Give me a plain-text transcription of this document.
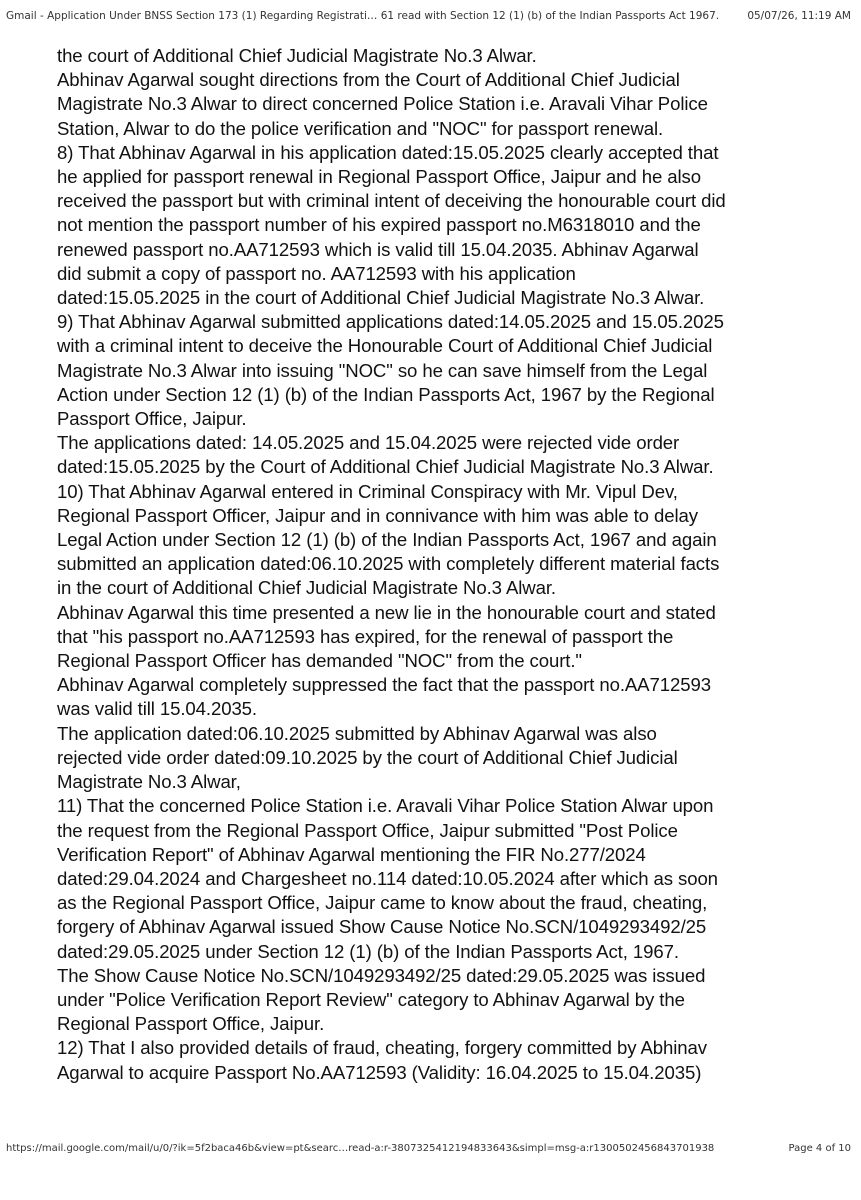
Gmail - Application Under BNSS Section 173 (1) Regarding Registrati… 61 read with Section 12 (1) (b) of the Indian Passports Act 1967.	05/07/26, 11:19 AM

the court of Additional Chief Judicial Magistrate No.3 Alwar.

Abhinav Agarwal sought directions from the Court of Additional Chief Judicial
Magistrate No.3 Alwar to direct concerned Police Station i.e. Aravali Vihar Police
Station, Alwar to do the police verification and "NOC" for passport renewal.

8) That Abhinav Agarwal in his application dated:15.05.2025 clearly accepted that
he applied for passport renewal in Regional Passport Office, Jaipur and he also
received the passport but with criminal intent of deceiving the honourable court did
not mention the passport number of his expired passport no.M6318010 and the
renewed passport no.AA712593 which is valid till 15.04.2035. Abhinav Agarwal
did submit a copy of passport no. AA712593 with his application
dated:15.05.2025 in the court of Additional Chief Judicial Magistrate No.3 Alwar.

9) That Abhinav Agarwal submitted applications dated:14.05.2025 and 15.05.2025
with a criminal intent to deceive the Honourable Court of Additional Chief Judicial
Magistrate No.3 Alwar into issuing "NOC" so he can save himself from the Legal
Action under Section 12 (1) (b) of the Indian Passports Act, 1967 by the Regional
Passport Office, Jaipur.

The applications dated: 14.05.2025 and 15.04.2025 were rejected vide order
dated:15.05.2025 by the Court of Additional Chief Judicial Magistrate No.3 Alwar.

10) That Abhinav Agarwal entered in Criminal Conspiracy with Mr. Vipul Dev,
Regional Passport Officer, Jaipur and in connivance with him was able to delay
Legal Action under Section 12 (1) (b) of the Indian Passports Act, 1967 and again
submitted an application dated:06.10.2025 with completely different material facts
in the court of Additional Chief Judicial Magistrate No.3 Alwar.

Abhinav Agarwal this time presented a new lie in the honourable court and stated
that "his passport no.AA712593 has expired, for the renewal of passport the
Regional Passport Officer has demanded "NOC" from the court."

Abhinav Agarwal completely suppressed the fact that the passport no.AA712593
was valid till 15.04.2035.

The application dated:06.10.2025 submitted by Abhinav Agarwal was also
rejected vide order dated:09.10.2025 by the court of Additional Chief Judicial
Magistrate No.3 Alwar,

11) That the concerned Police Station i.e. Aravali Vihar Police Station Alwar upon
the request from the Regional Passport Office, Jaipur submitted "Post Police
Verification Report" of Abhinav Agarwal mentioning the FIR No.277/2024
dated:29.04.2024 and Chargesheet no.114 dated:10.05.2024 after which as soon
as the Regional Passport Office, Jaipur came to know about the fraud, cheating,
forgery of Abhinav Agarwal issued Show Cause Notice No.SCN/1049293492/25
dated:29.05.2025 under Section 12 (1) (b) of the Indian Passports Act, 1967.

The Show Cause Notice No.SCN/1049293492/25 dated:29.05.2025 was issued
under "Police Verification Report Review" category to Abhinav Agarwal by the
Regional Passport Office, Jaipur.

12) That I also provided details of fraud, cheating, forgery committed by Abhinav
Agarwal to acquire Passport No.AA712593 (Validity: 16.04.2025 to 15.04.2035)

https://mail.google.com/mail/u/0/?ik=5f2baca46b&view=pt&searc…read-a:r-3807325412194833643&simpl=msg-a:r1300502456843701938	Page 4 of 10
